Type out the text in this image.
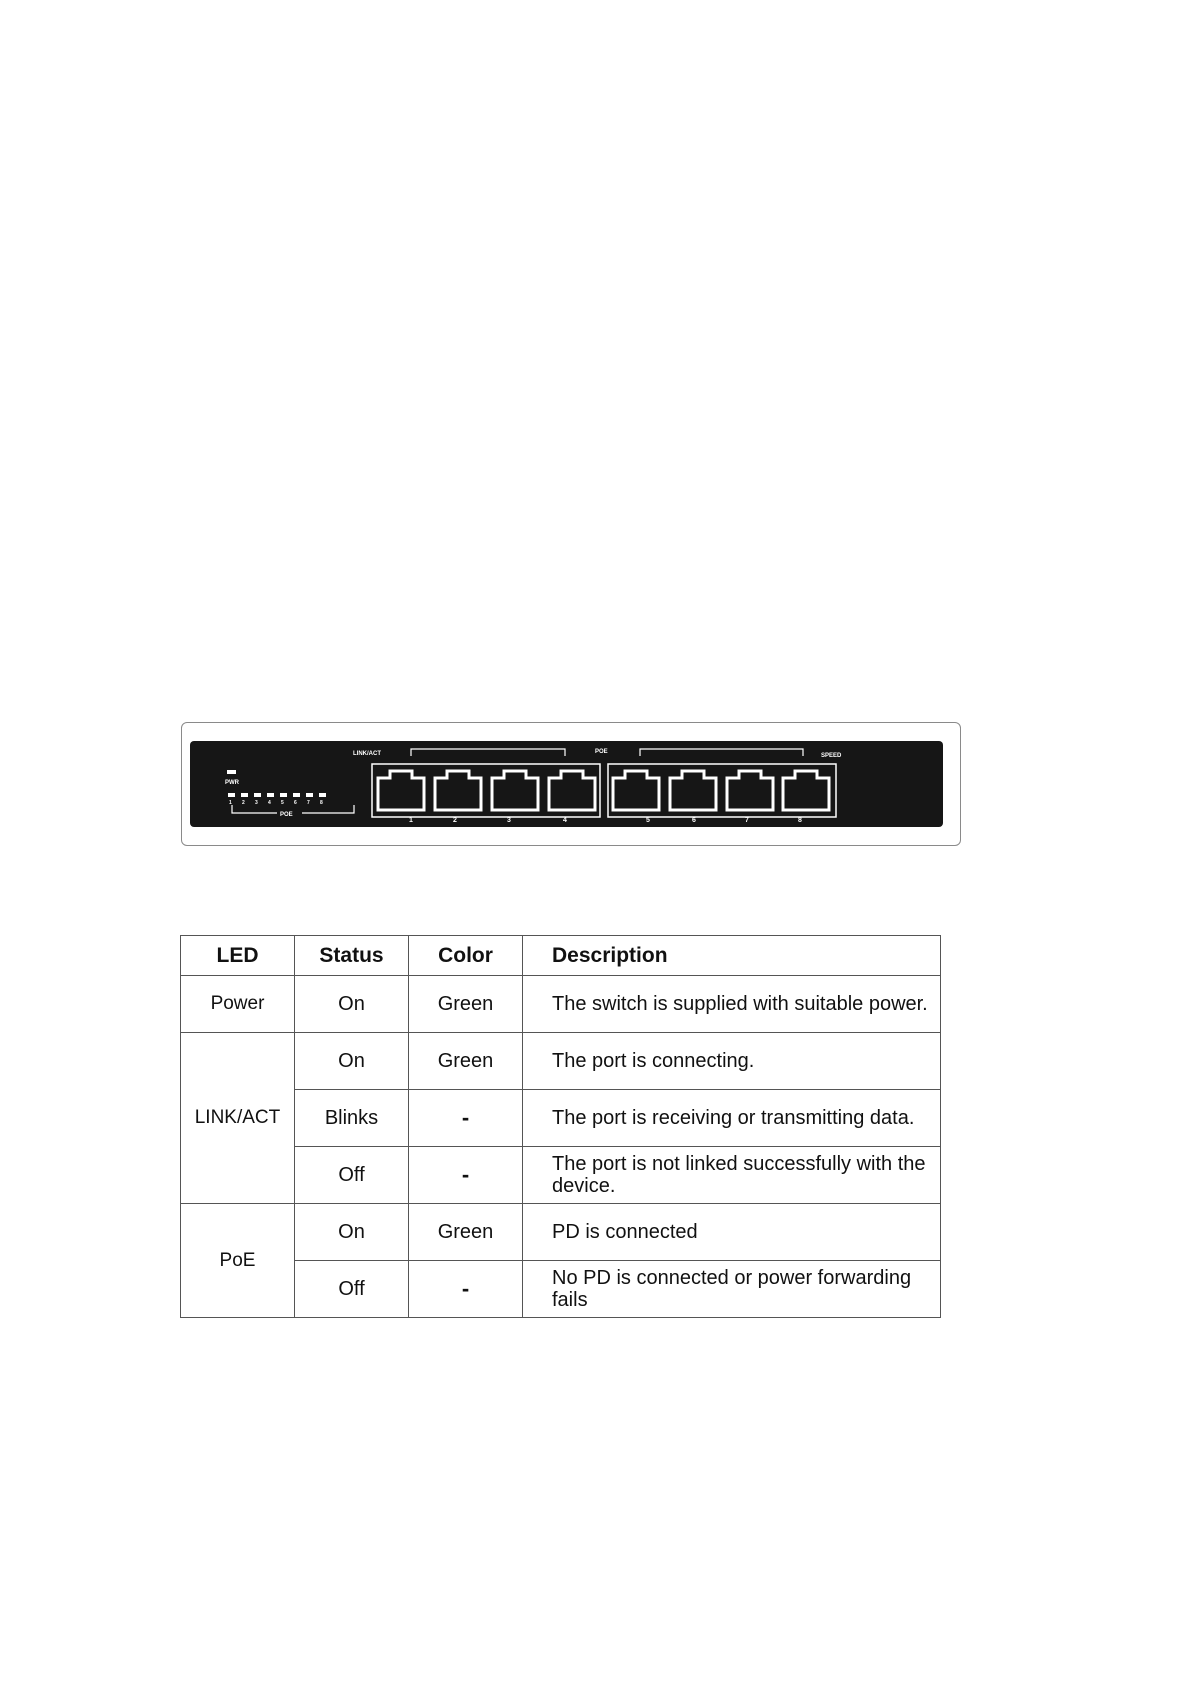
PWR
1 2 3 4 5 6 7 8
POE
LINK/ACT	POE
SPEED
1	2	3	4	5	6	7	8
LED	Status	Color	Description
Power	On	Green	The switch is supplied with suitable power.
LINK/ACT	On	Green	The port is connecting.
	Blinks	-	The port is receiving or transmitting data.
	Off	-	The port is not linked successfully with the device.
PoE	On	Green	PD is connected
	Off	-	No PD is connected or power forwarding fails
